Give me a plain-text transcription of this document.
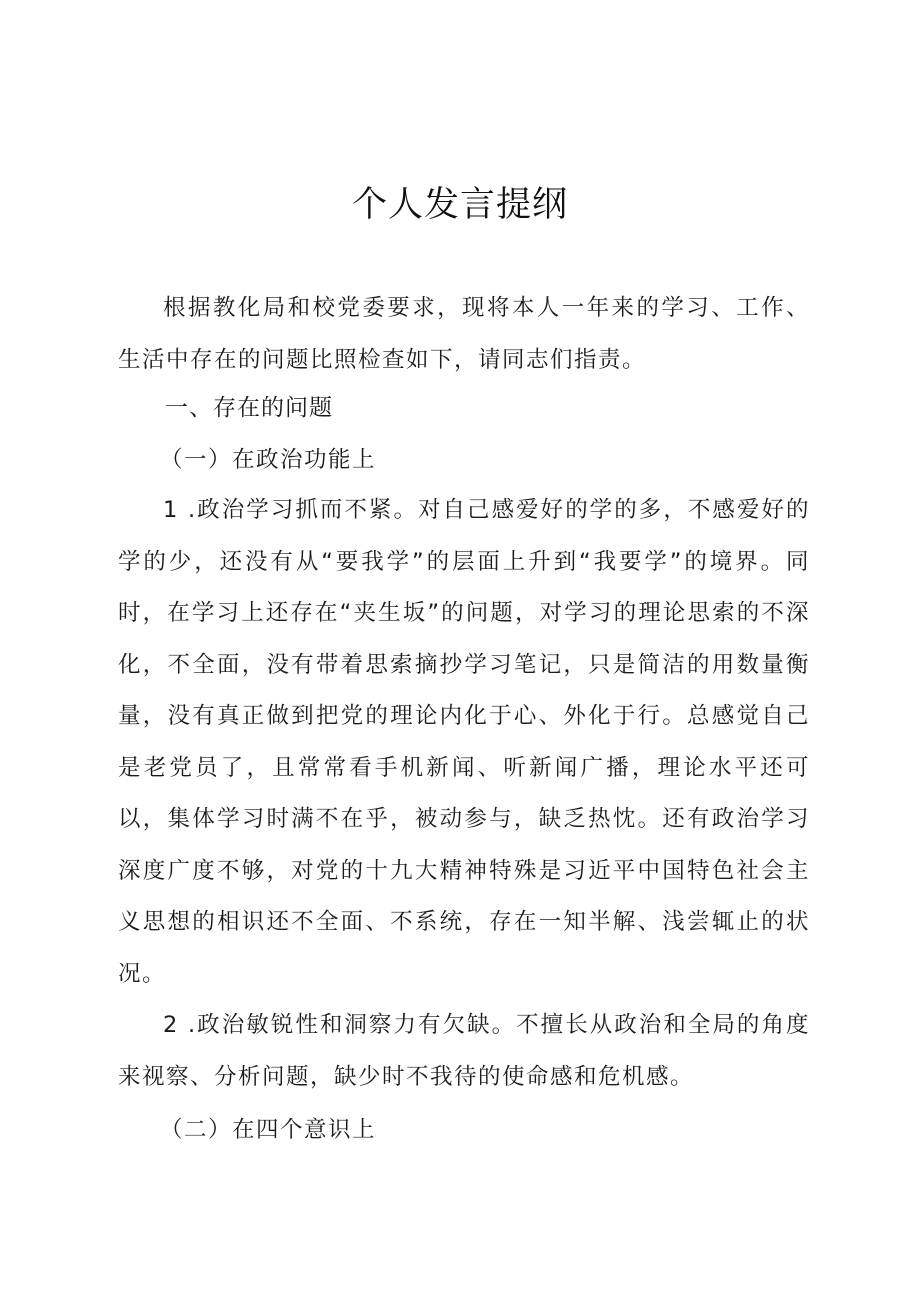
个人发言提纲

根据教化局和校党委要求，现将本人一年来的学习、工作、生活中存在的问题比照检查如下，请同志们指责。

一、存在的问题
（一）在政治功能上

1 .政治学习抓而不紧。对自己感爱好的学的多，不感爱好的学的少，还没有从“要我学”的层面上升到“我要学”的境界。同时，在学习上还存在“夹生坂”的问题，对学习的理论思索的不深化，不全面，没有带着思索摘抄学习笔记，只是简洁的用数量衡量，没有真正做到把党的理论内化于心、外化于行。总感觉自己是老党员了，且常常看手机新闻、听新闻广播，理论水平还可以，集体学习时满不在乎，被动参与，缺乏热忱。还有政治学习深度广度不够，对党的十九大精神特殊是习近平中国特色社会主义思想的相识还不全面、不系统，存在一知半解、浅尝辄止的状况。

2 .政治敏锐性和洞察力有欠缺。不擅长从政治和全局的角度来视察、分析问题，缺少时不我待的使命感和危机感。

（二）在四个意识上
